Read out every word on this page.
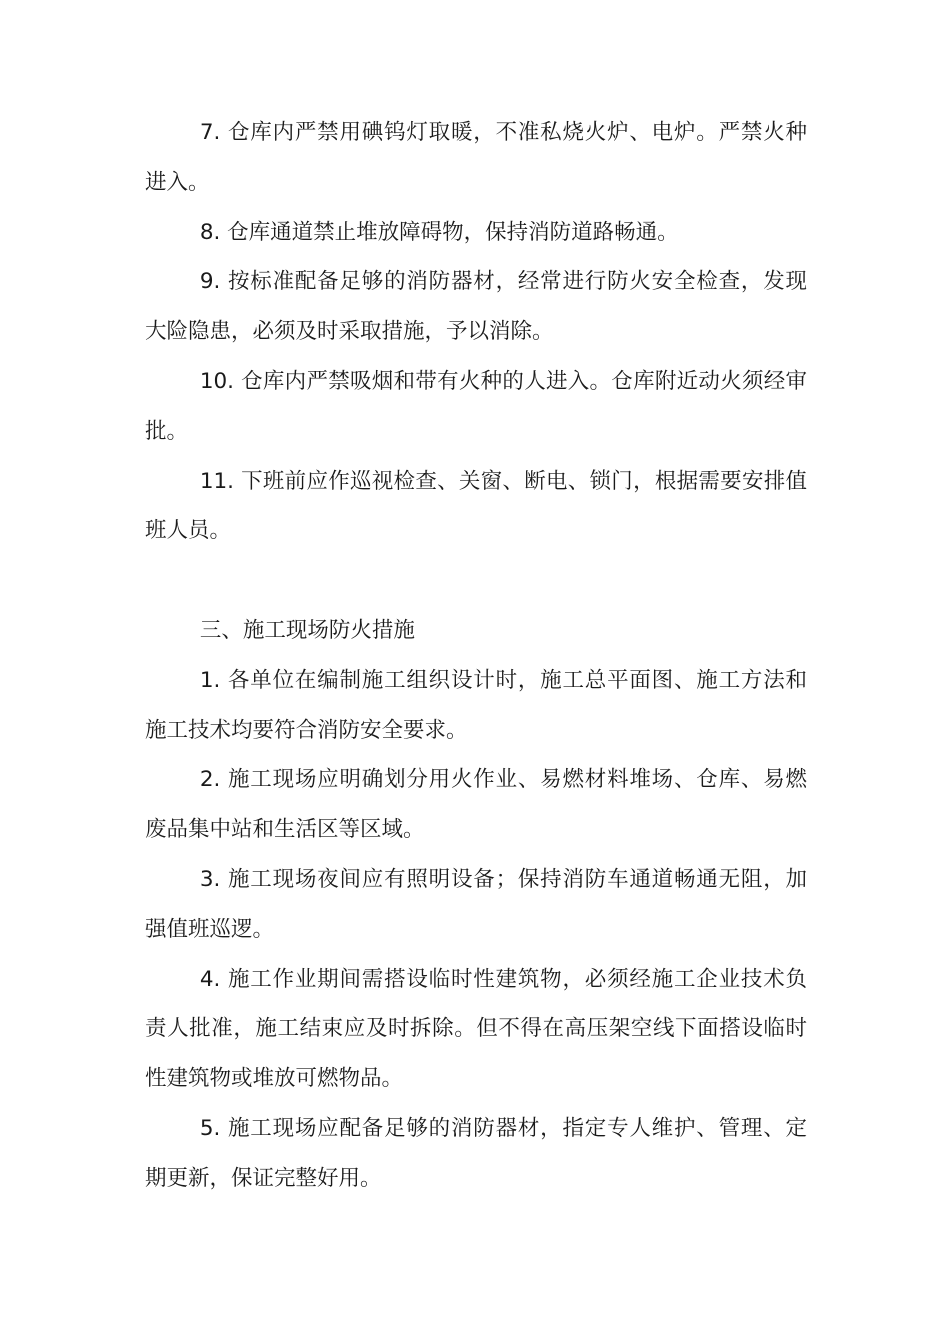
7. 仓库内严禁用碘钨灯取暖，不准私烧火炉、电炉。严禁火种进入。

8. 仓库通道禁止堆放障碍物，保持消防道路畅通。

9. 按标准配备足够的消防器材，经常进行防火安全检查，发现大险隐患，必须及时采取措施，予以消除。

10. 仓库内严禁吸烟和带有火种的人进入。仓库附近动火须经审批。

11. 下班前应作巡视检查、关窗、断电、锁门，根据需要安排值班人员。

三、施工现场防火措施

1. 各单位在编制施工组织设计时，施工总平面图、施工方法和施工技术均要符合消防安全要求。

2. 施工现场应明确划分用火作业、易燃材料堆场、仓库、易燃废品集中站和生活区等区域。

3. 施工现场夜间应有照明设备；保持消防车通道畅通无阻，加强值班巡逻。

4. 施工作业期间需搭设临时性建筑物，必须经施工企业技术负责人批准，施工结束应及时拆除。但不得在高压架空线下面搭设临时性建筑物或堆放可燃物品。

5. 施工现场应配备足够的消防器材，指定专人维护、管理、定期更新，保证完整好用。
